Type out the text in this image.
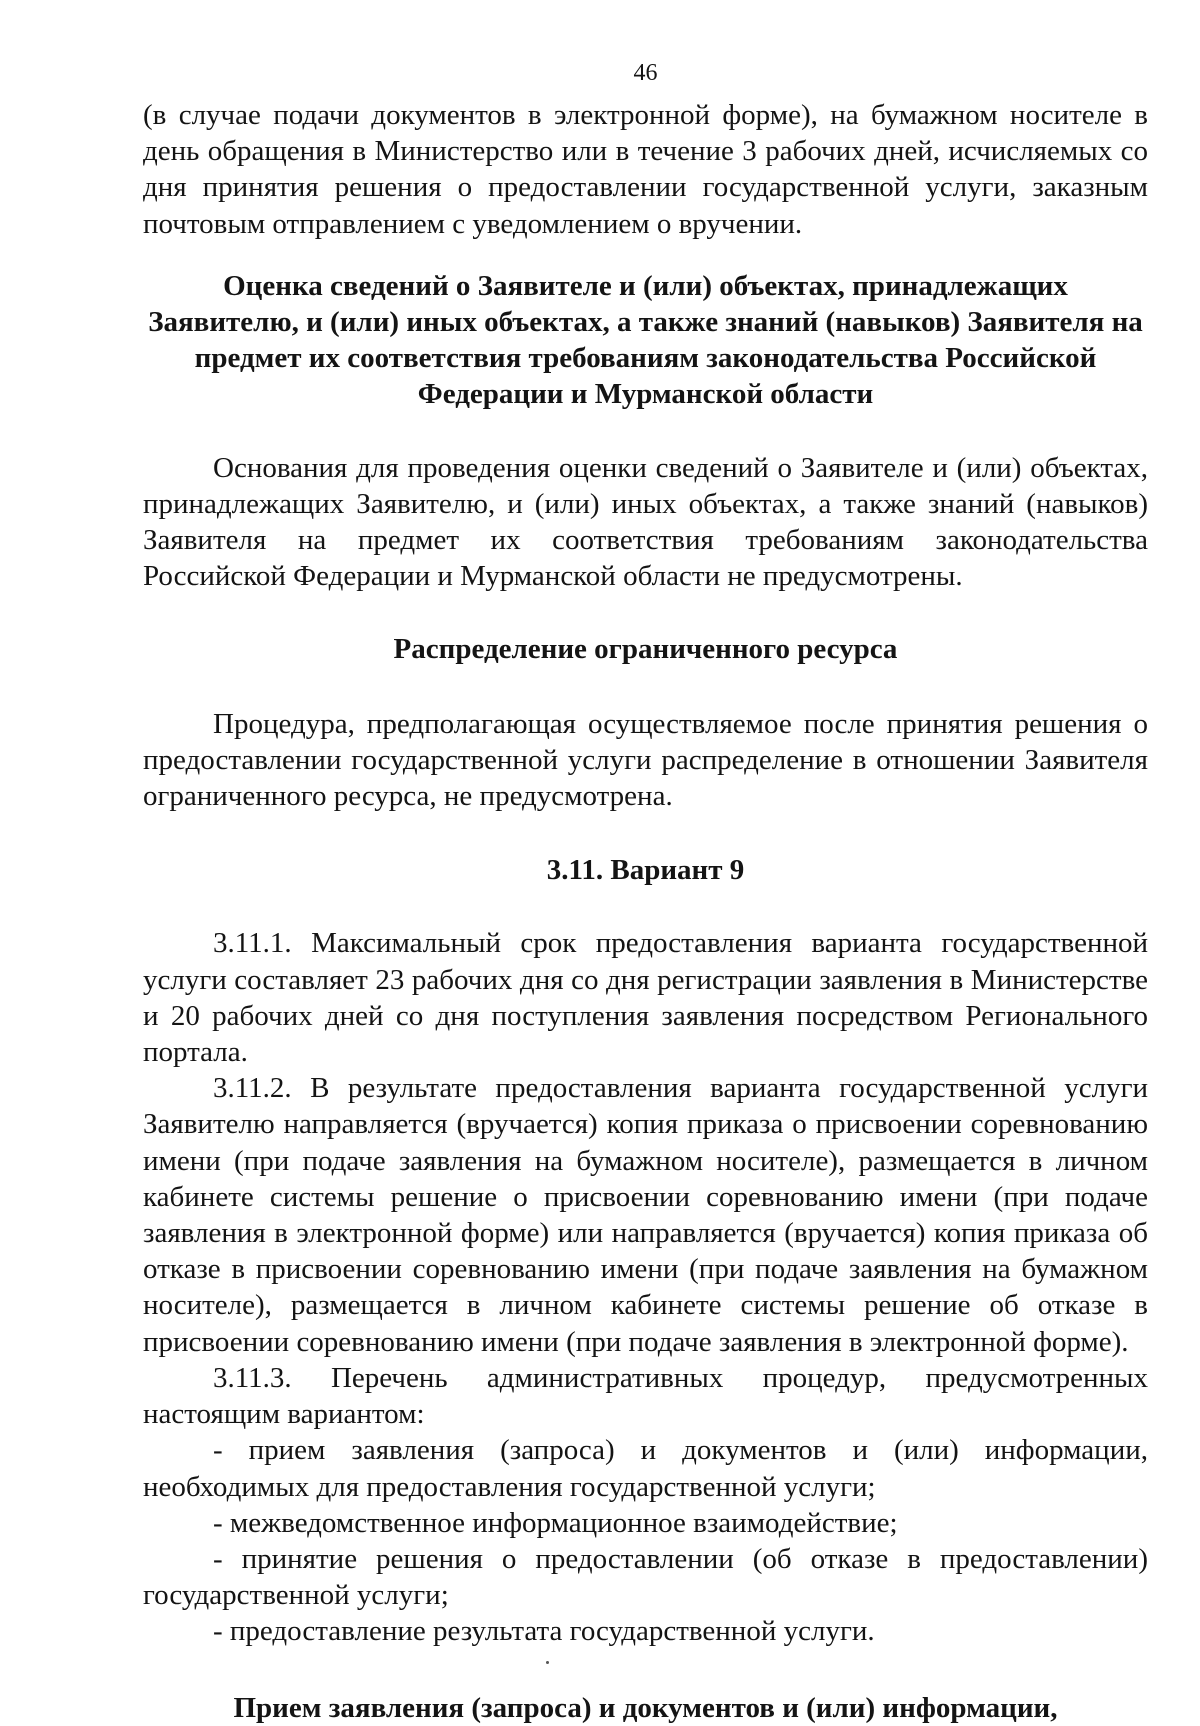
46

(в случае подачи документов в электронной форме), на бумажном носителе в день обращения в Министерство или в течение 3 рабочих дней, исчисляемых со дня принятия решения о предоставлении государственной услуги, заказным почтовым отправлением с уведомлением о вручении.

Оценка сведений о Заявителе и (или) объектах, принадлежащих
Заявителю, и (или) иных объектах, а также знаний (навыков) Заявителя на
предмет их соответствия требованиям законодательства Российской
Федерации и Мурманской области

Основания для проведения оценки сведений о Заявителе и (или) объектах, принадлежащих Заявителю, и (или) иных объектах, а также знаний (навыков) Заявителя на предмет их соответствия требованиям законодательства Российской Федерации и Мурманской области не предусмотрены.

Распределение ограниченного ресурса

Процедура, предполагающая осуществляемое после принятия решения о предоставлении государственной услуги распределение в отношении Заявителя ограниченного ресурса, не предусмотрена.

3.11. Вариант 9

3.11.1. Максимальный срок предоставления варианта государственной услуги составляет 23 рабочих дня со дня регистрации заявления в Министерстве и 20 рабочих дней со дня поступления заявления посредством Регионального портала.

3.11.2. В результате предоставления варианта государственной услуги Заявителю направляется (вручается) копия приказа о присвоении соревнованию имени (при подаче заявления на бумажном носителе), размещается в личном кабинете системы решение о присвоении соревнованию имени (при подаче заявления в электронной форме) или направляется (вручается) копия приказа об отказе в присвоении соревнованию имени (при подаче заявления на бумажном носителе), размещается в личном кабинете системы решение об отказе в присвоении соревнованию имени (при подаче заявления в электронной форме).

3.11.3. Перечень административных процедур, предусмотренных настоящим вариантом:

- прием заявления (запроса) и документов и (или) информации, необходимых для предоставления государственной услуги;

- межведомственное информационное взаимодействие;

- принятие решения о предоставлении (об отказе в предоставлении) государственной услуги;

- предоставление результата государственной услуги.

Прием заявления (запроса) и документов и (или) информации,
